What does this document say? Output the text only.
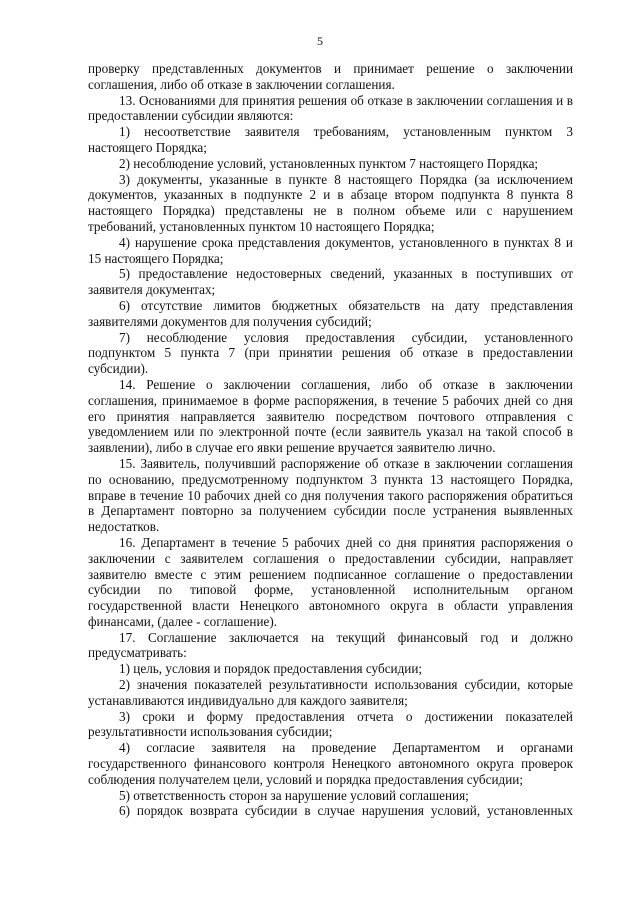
5

проверку представленных документов и принимает решение о заключении соглашения, либо об отказе в заключении соглашения.

13. Основаниями для принятия решения об отказе в заключении соглашения и в предоставлении субсидии являются:

1) несоответствие заявителя требованиям, установленным пунктом 3 настоящего Порядка;

2) несоблюдение условий, установленных пунктом 7 настоящего Порядка;

3) документы, указанные в пункте 8 настоящего Порядка (за исключением документов, указанных в подпункте 2 и в абзаце втором подпункта 8 пункта 8 настоящего Порядка) представлены не в полном объеме или с нарушением требований, установленных пунктом 10 настоящего Порядка;

4) нарушение срока представления документов, установленного в пунктах 8 и 15 настоящего Порядка;

5) предоставление недостоверных сведений, указанных в поступивших от заявителя документах;

6) отсутствие лимитов бюджетных обязательств на дату представления заявителями документов для получения субсидий;

7) несоблюдение условия предоставления субсидии, установленного подпунктом 5 пункта 7 (при принятии решения об отказе в предоставлении субсидии).

14. Решение о заключении соглашения, либо об отказе в заключении соглашения, принимаемое в форме распоряжения, в течение 5 рабочих дней со дня его принятия направляется заявителю посредством почтового отправления с уведомлением или по электронной почте (если заявитель указал на такой способ в заявлении), либо в случае его явки решение вручается заявителю лично.

15. Заявитель, получивший распоряжение об отказе в заключении соглашения по основанию, предусмотренному подпунктом 3 пункта 13 настоящего Порядка, вправе в течение 10 рабочих дней со дня получения такого распоряжения обратиться в Департамент повторно за получением субсидии после устранения выявленных недостатков.

16. Департамент в течение 5 рабочих дней со дня принятия распоряжения о заключении с заявителем соглашения о предоставлении субсидии, направляет заявителю вместе с этим решением подписанное соглашение о предоставлении субсидии по типовой форме, установленной исполнительным органом государственной власти Ненецкого автономного округа в области управления финансами, (далее - соглашение).

17. Соглашение заключается на текущий финансовый год и должно предусматривать:

1) цель, условия и порядок предоставления субсидии;

2) значения показателей результативности использования субсидии, которые устанавливаются индивидуально для каждого заявителя;

3) сроки и форму предоставления отчета о достижении показателей результативности использования субсидии;

4) согласие заявителя на проведение Департаментом и органами государственного финансового контроля Ненецкого автономного округа проверок соблюдения получателем цели, условий и порядка предоставления субсидии;

5) ответственность сторон за нарушение условий соглашения;

6) порядок возврата субсидии в случае нарушения условий, установленных
